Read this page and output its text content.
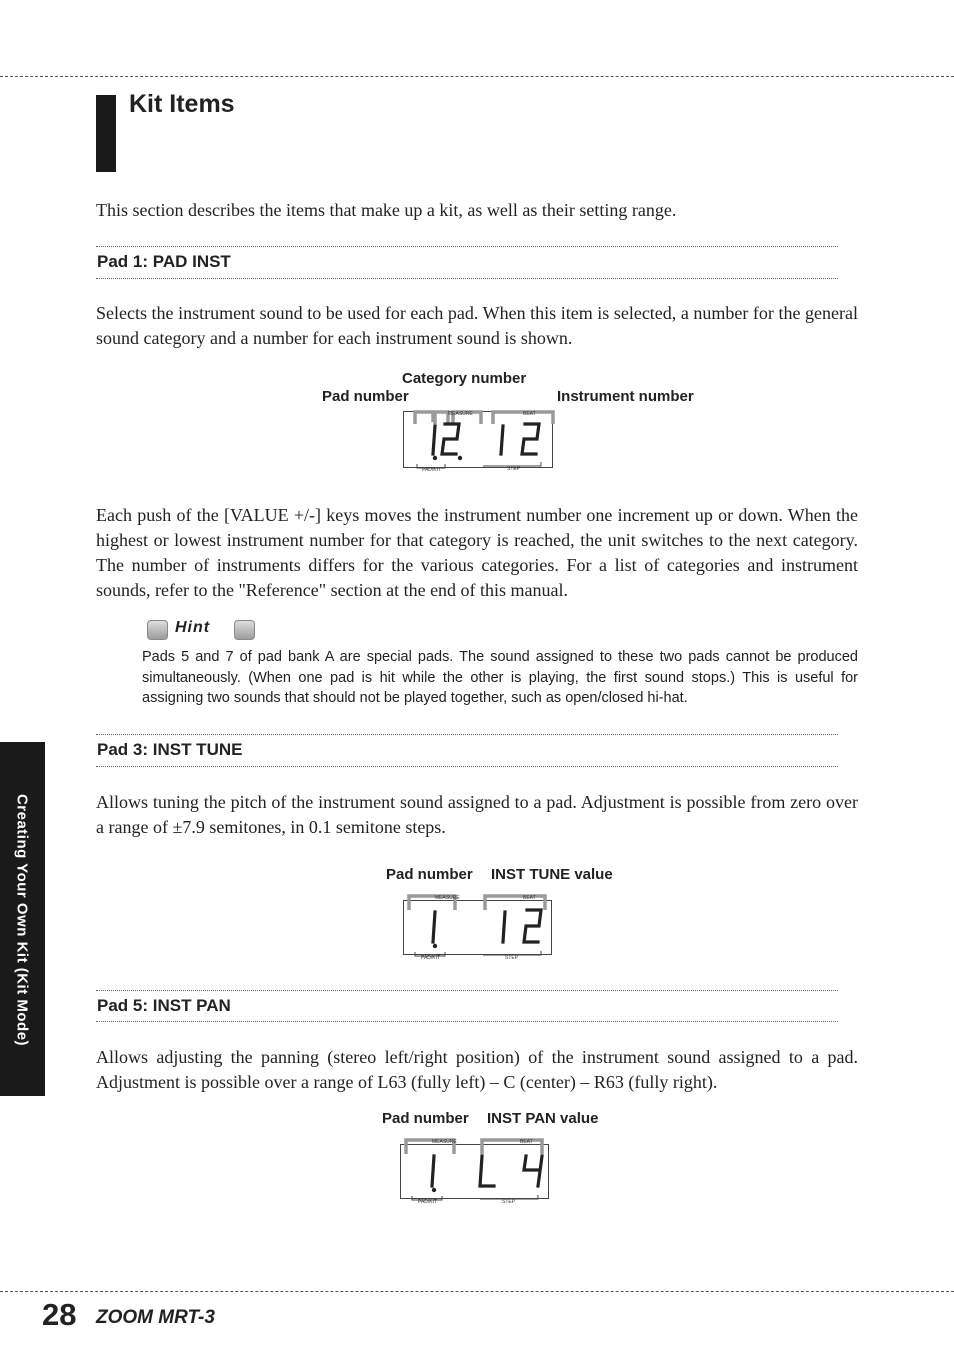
Kit Items
This section describes the items that make up a kit, as well as their setting range.
Pad 1: PAD INST
Selects the instrument sound to be used for each pad. When this item is selected, a number for the general sound category and a number for each instrument sound is shown.
Category number
Pad number	Instrument number
MEASURE	BEAT
PAD/KIT	STEP
Each push of the [VALUE +/-] keys moves the instrument number one increment up or down. When the highest or lowest instrument number for that category is reached, the unit switches to the next category. The number of instruments differs for the various categories. For a list of categories and instrument sounds, refer to the "Reference" section at the end of this manual.
Hint
Pads 5 and 7 of pad bank A are special pads. The sound assigned to these two pads cannot be produced simultaneously. (When one pad is hit while the other is playing, the first sound stops.) This is useful for assigning two sounds that should not be played together, such as open/closed hi-hat.
Pad 3: INST TUNE
Allows tuning the pitch of the instrument sound assigned to a pad. Adjustment is possible from zero over a range of ±7.9 semitones, in 0.1 semitone steps.
Pad number INST TUNE value
MEASURE	BEAT
PAD/KIT	STEP
Pad 5: INST PAN
Allows adjusting the panning (stereo left/right position) of the instrument sound assigned to a pad. Adjustment is possible over a range of L63 (fully left) – C (center) – R63 (fully right).
Pad number INST PAN value
MEASURE	BEAT
PAD/KIT	STEP
Creating Your Own Kit (Kit Mode)
28 ZOOM MRT-3
